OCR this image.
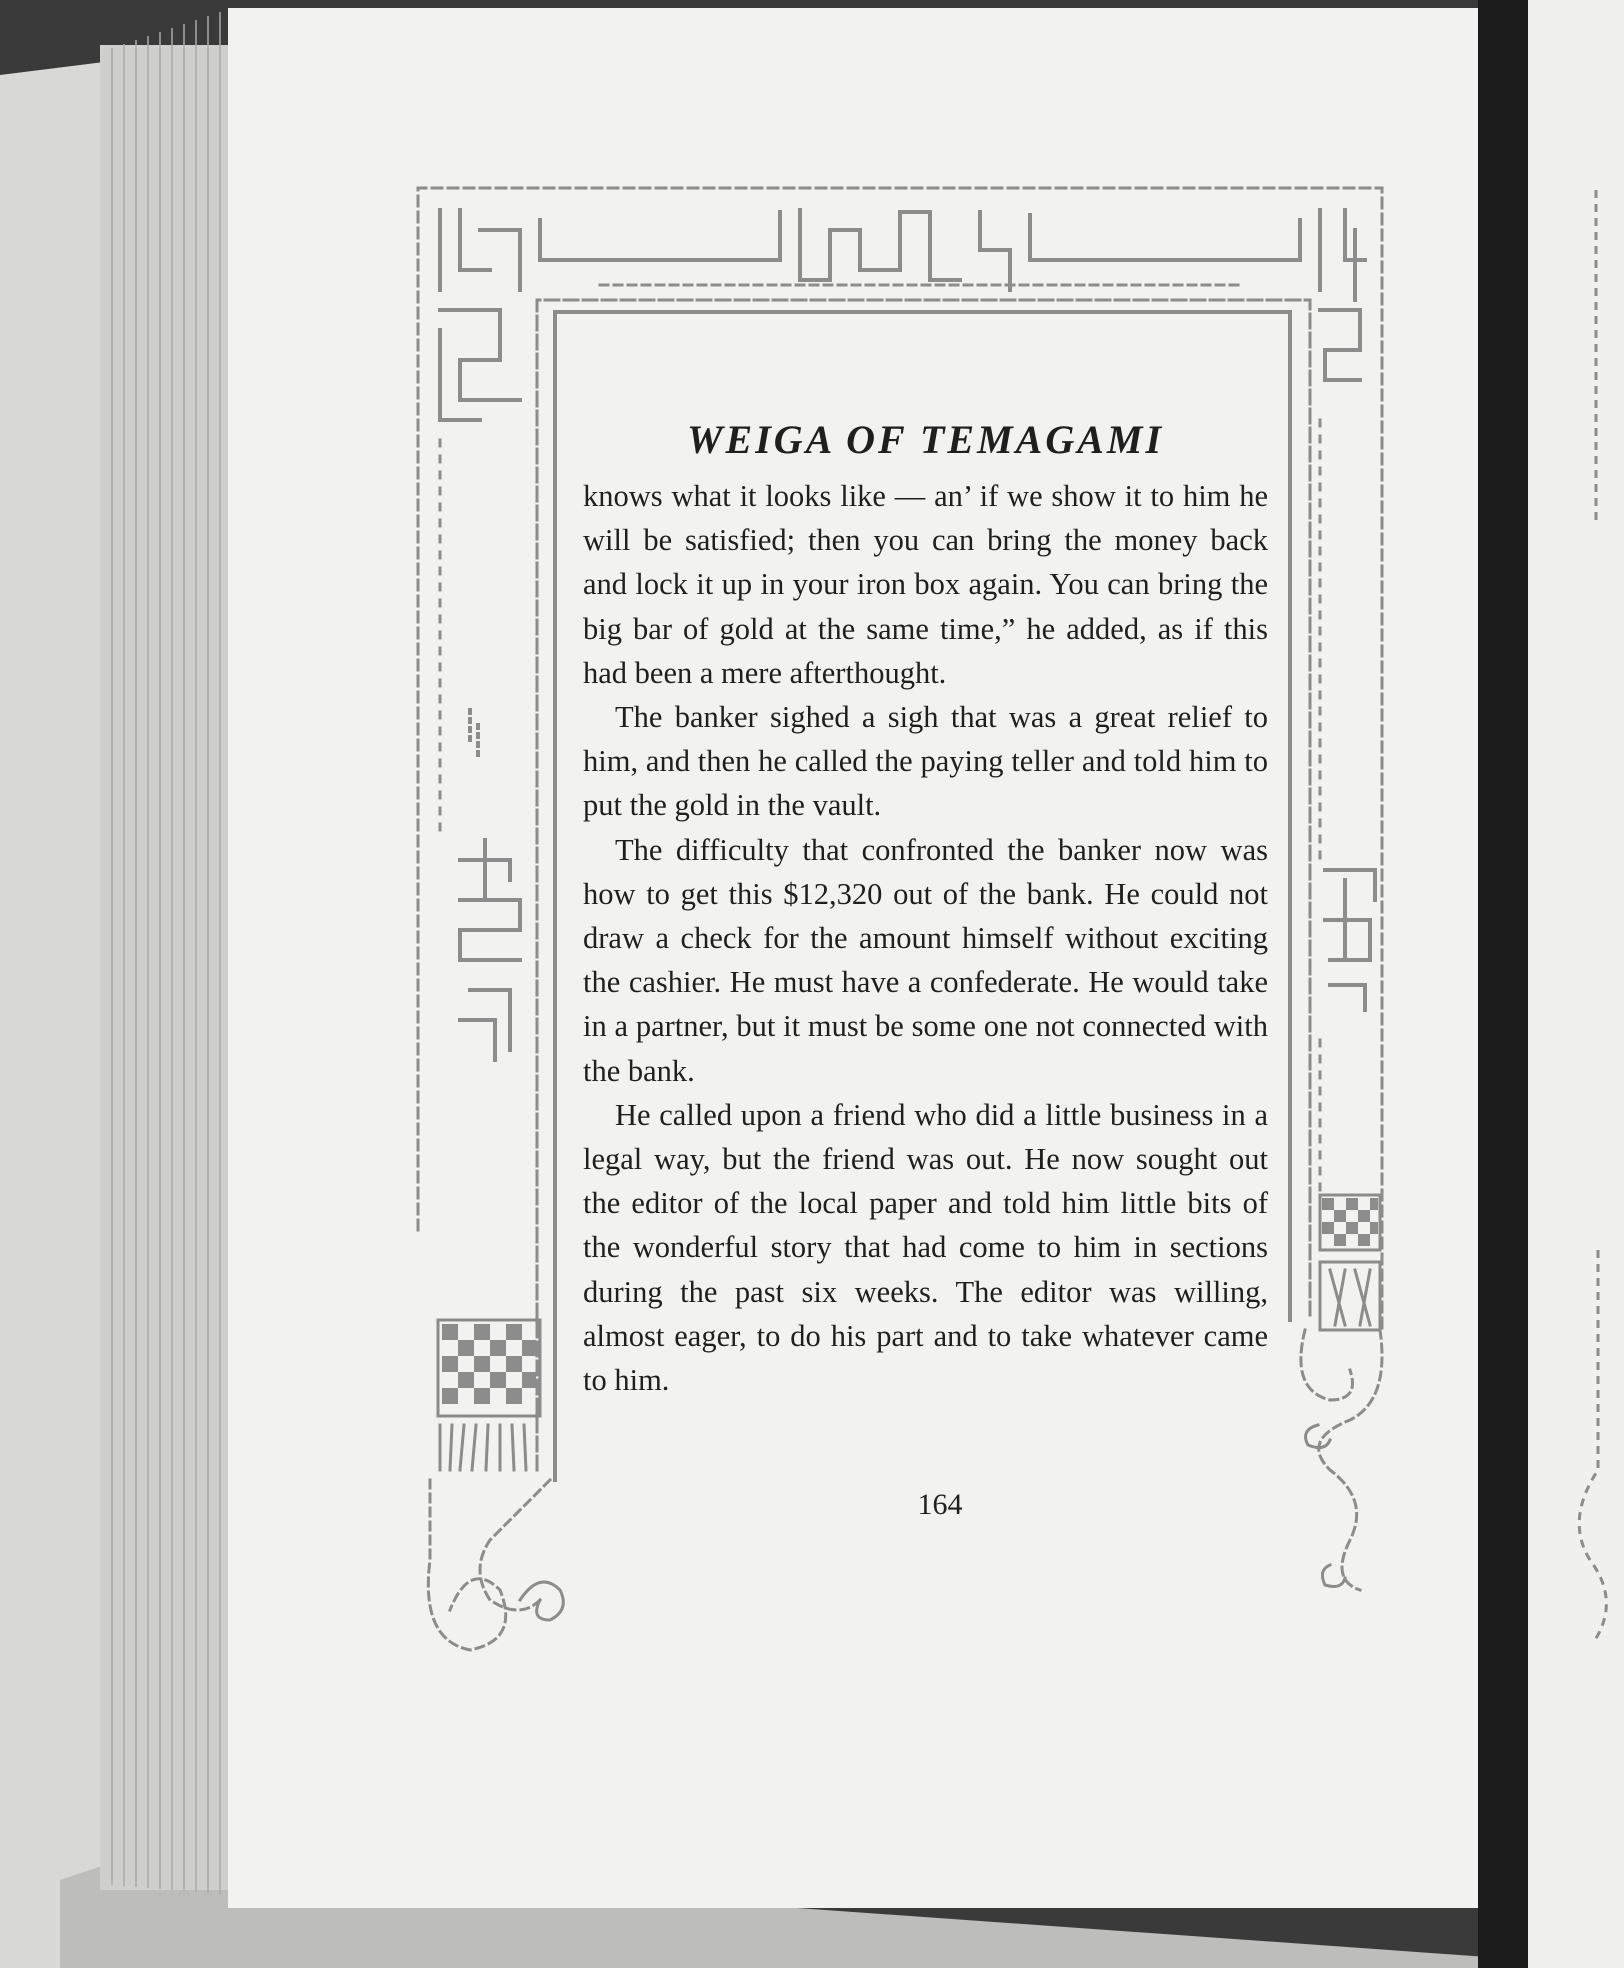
WEIGA OF TEMAGAMI

knows what it looks like — an’ if we show it to him he will be satisfied; then you can bring the money back and lock it up in your iron box again. You can bring the big bar of gold at the same time,” he added, as if this had been a mere afterthought.

The banker sighed a sigh that was a great relief to him, and then he called the paying teller and told him to put the gold in the vault.

The difficulty that confronted the banker now was how to get this $12,320 out of the bank. He could not draw a check for the amount himself without exciting the cashier. He must have a confederate. He would take in a partner, but it must be some one not connected with the bank.

He called upon a friend who did a little business in a legal way, but the friend was out. He now sought out the editor of the local paper and told him little bits of the wonderful story that had come to him in sections during the past six weeks. The editor was willing, almost eager, to do his part and to take whatever came to him.

164
